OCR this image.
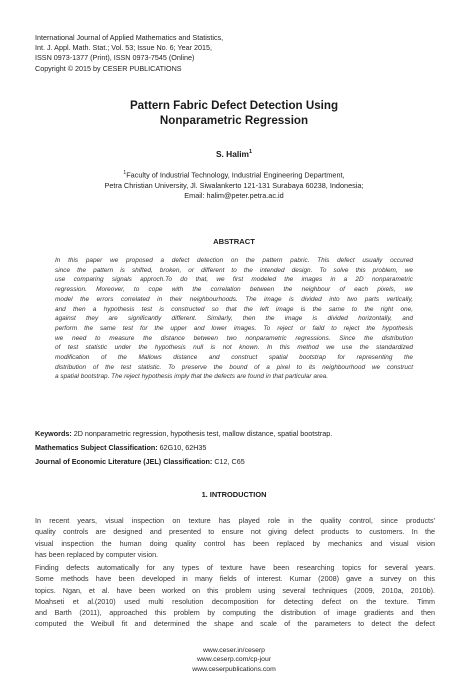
International Journal of Applied Mathematics and Statistics,
Int. J. Appl. Math. Stat.; Vol. 53; Issue No. 6; Year 2015,
ISSN 0973-1377 (Print), ISSN 0973-7545 (Online)
Copyright © 2015 by CESER PUBLICATIONS
Pattern Fabric Defect Detection Using
Nonparametric Regression
S. Halim$^1$
$^1$Faculty of Industrial Technology, Industrial Engineering Department,
Petra Christian University, Jl. Siwalankerto 121-131 Surabaya 60238, Indonesia;
Email: halim@peter.petra.ac.id
ABSTRACT
In this paper we proposed a defect detection on the pattern pabric. This defect usually occured
since the pattern is shifted, broken, or different to the intended design. To solve this problem, we
use comparing signals approch.To do that, we first modeled the images in a 2D nonparametric
regression. Moreover, to cope with the correlation between the neighbour of each pixels, we
model the errors correlated in their neighbourhoods. The image is divided into two parts vertically,
and then a hypothesis test is constructed so that the left image is the same to the right one,
against they are significantly different. Similarly, then the image is divided horizontally, and
perform the same test for the upper and lower images. To reject or faild to reject the hypothesis
we need to measure the distance between two nonparametric regressions. Since the distribution
of test statistic under the hypothesis null is not known. In this method we use the standardized
modification of the Mallows distance and construct spatial bootstrap for representing the
distribution of the test statistic. To preserve the bound of a pixel to its neighbourhood we construct
a spatial bootstrap. The reject hypothesis imply that the defects are found in that particular area.
Keywords: 2D nonparametric regression, hypothesis test, mallow distance, spatial bootstrap.
Mathematics Subject Classification: 62G10, 62H35
Journal of Economic Literature (JEL) Classification: C12, C65
1. INTRODUCTION
In recent years, visual inspection on texture has played role in the quality control, since products'
quality controls are designed and presented to ensure not giving defect products to customers. In the
visual inspection the human doing quality control has been replaced by mechanics and visual vision
has been replaced by computer vision.
Finding defects automatically for any types of texture have been researching topics for several years.
Some methods have been developed in many fields of interest. Kumar (2008) gave a survey on this
topics. Ngan, et al. have been worked on this problem using several techniques (2009, 2010a, 2010b).
Moahseti et al.(2010) used multi resolution decomposition for detecting defect on the texture. Timm
and Barth (2011), approached this problem by computing the distribution of image gradients and then
computed the Weibull fit and determined the shape and scale of the parameters to detect the defect
www.ceser.in/ceserp
www.ceserp.com/cp-jour
www.ceserpublications.com
